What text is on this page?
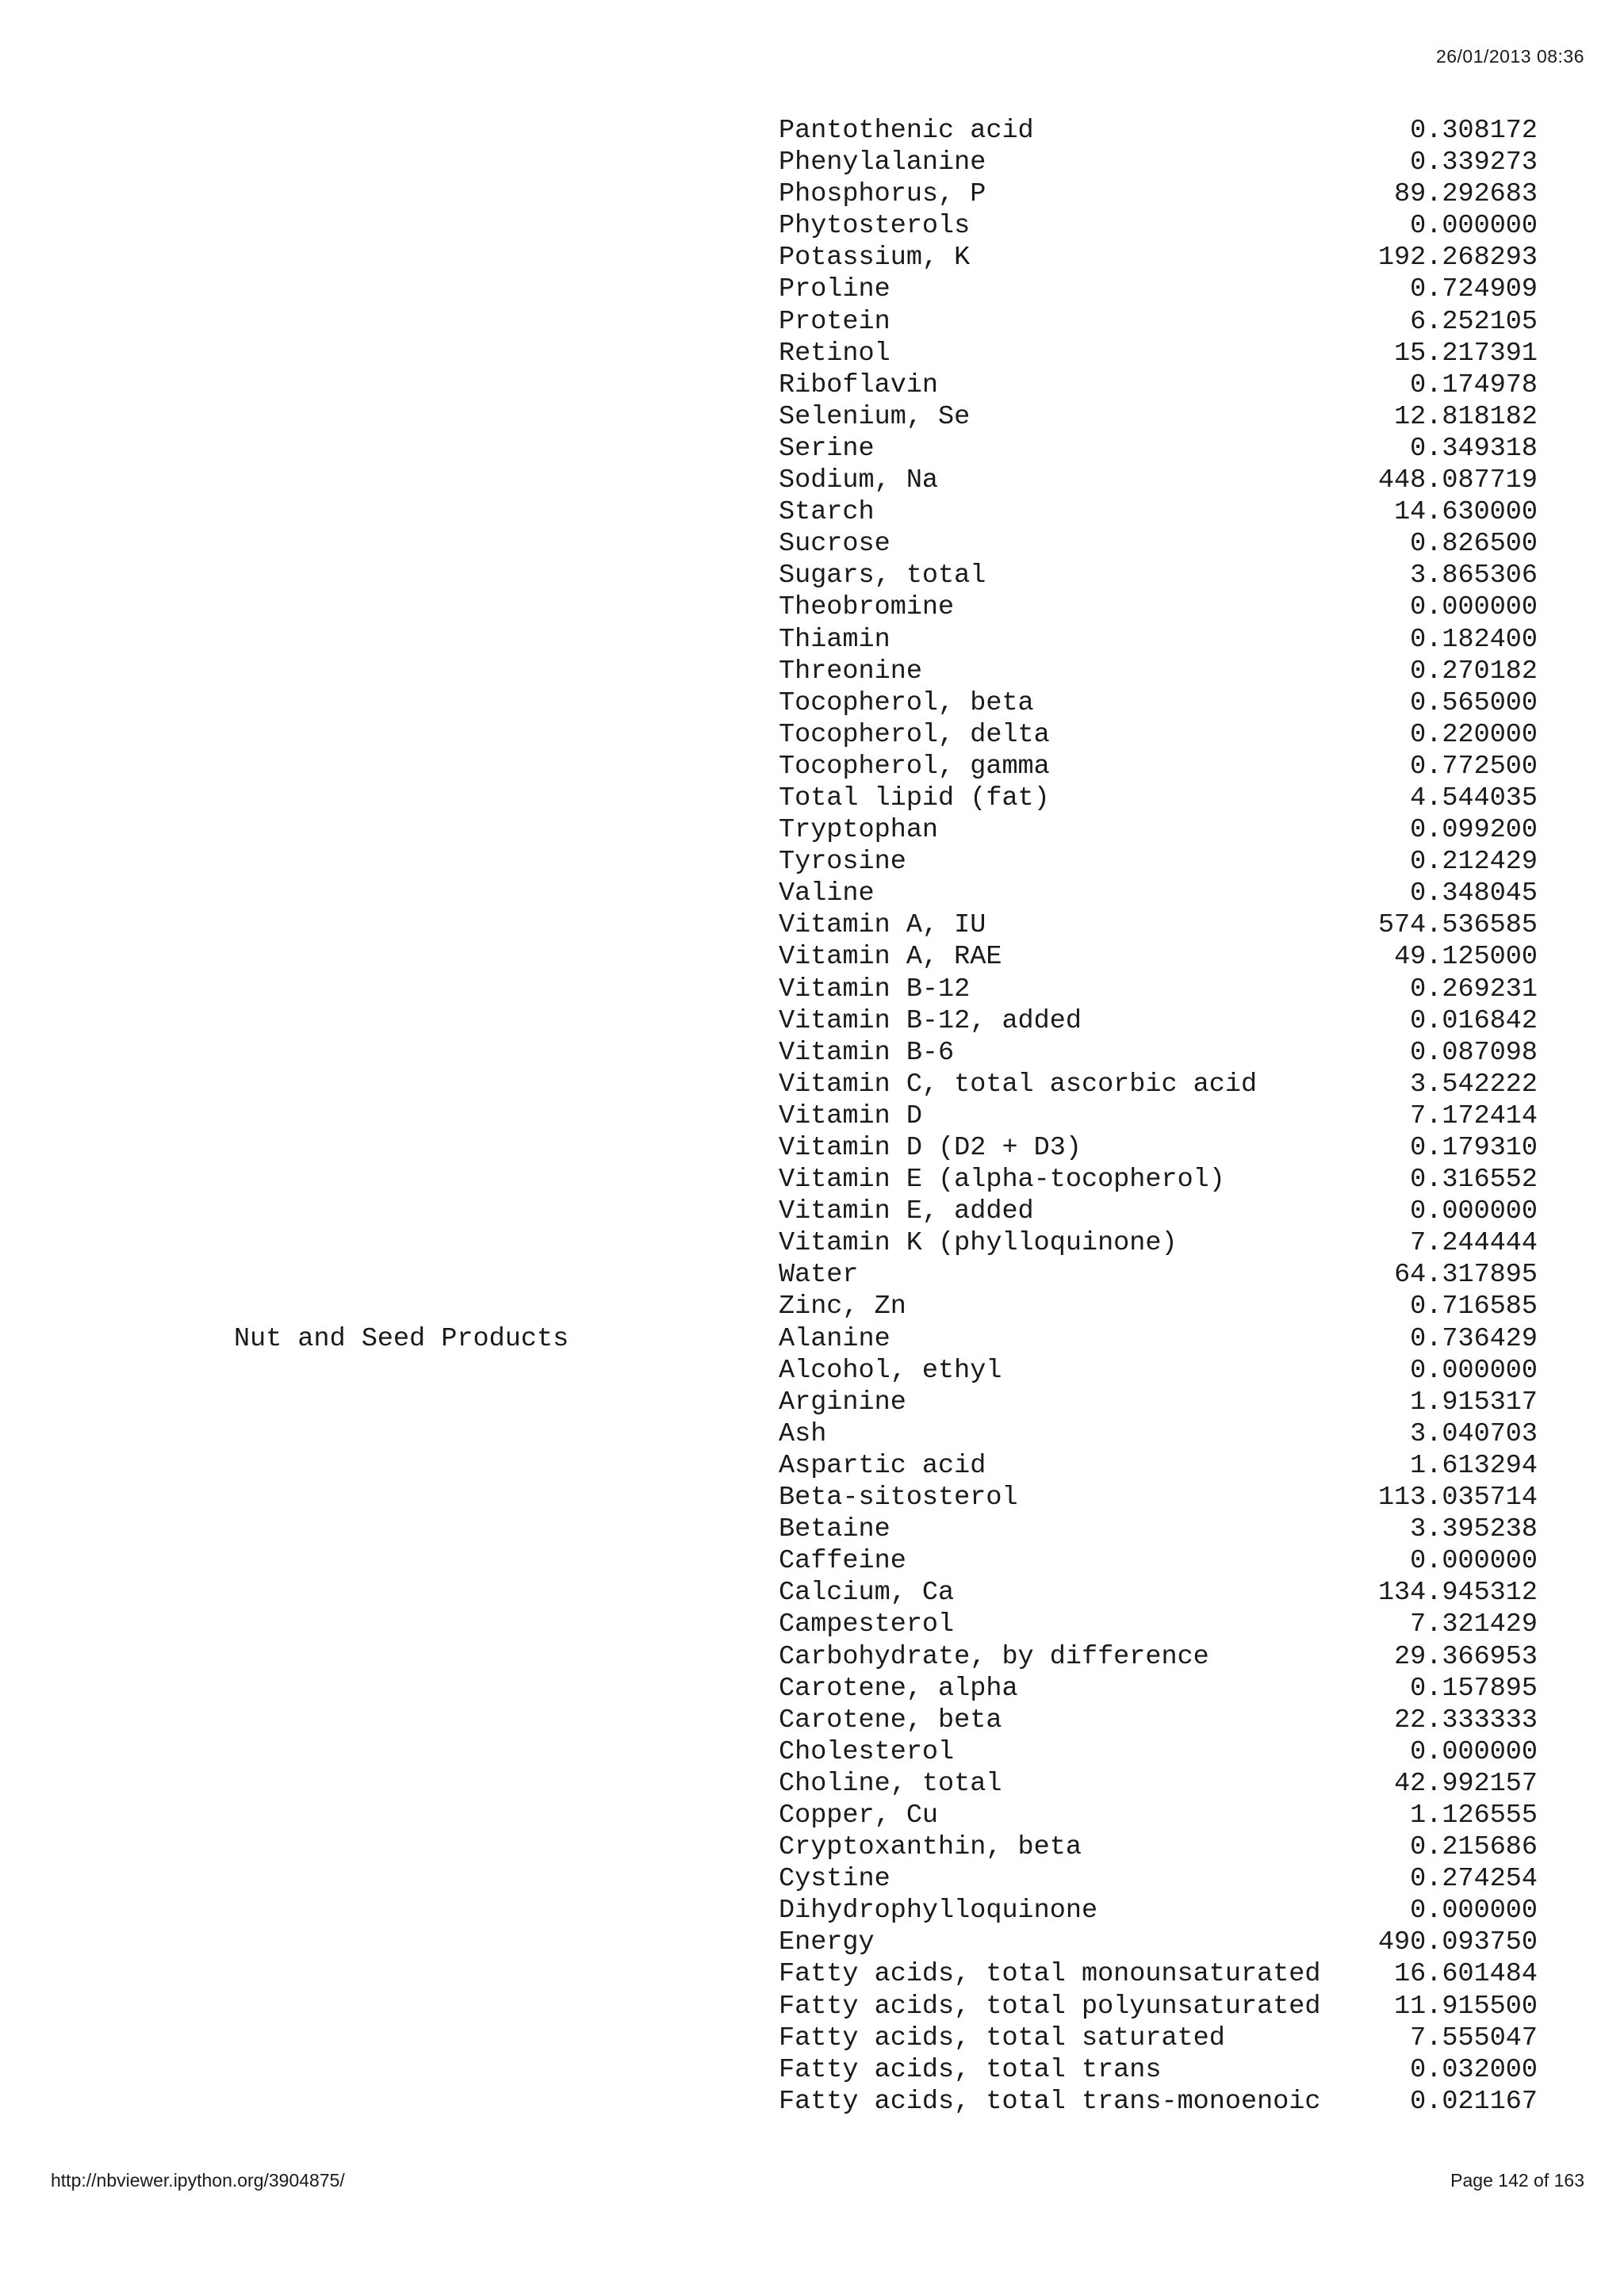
26/01/2013 08:36
Pantothenic acid	0.308172
Phenylalanine	0.339273
Phosphorus, P	89.292683
Phytosterols	0.000000
Potassium, K	192.268293
Proline	0.724909
Protein	6.252105
Retinol	15.217391
Riboflavin	0.174978
Selenium, Se	12.818182
Serine	0.349318
Sodium, Na	448.087719
Starch	14.630000
Sucrose	0.826500
Sugars, total	3.865306
Theobromine	0.000000
Thiamin	0.182400
Threonine	0.270182
Tocopherol, beta	0.565000
Tocopherol, delta	0.220000
Tocopherol, gamma	0.772500
Total lipid (fat)	4.544035
Tryptophan	0.099200
Tyrosine	0.212429
Valine	0.348045
Vitamin A, IU	574.536585
Vitamin A, RAE	49.125000
Vitamin B-12	0.269231
Vitamin B-12, added	0.016842
Vitamin B-6	0.087098
Vitamin C, total ascorbic acid	3.542222
Vitamin D	7.172414
Vitamin D (D2 + D3)	0.179310
Vitamin E (alpha-tocopherol)	0.316552
Vitamin E, added	0.000000
Vitamin K (phylloquinone)	7.244444
Water	64.317895
Zinc, Zn	0.716585
Nut and Seed Products	Alanine	0.736429
Alcohol, ethyl	0.000000
Arginine	1.915317
Ash	3.040703
Aspartic acid	1.613294
Beta-sitosterol	113.035714
Betaine	3.395238
Caffeine	0.000000
Calcium, Ca	134.945312
Campesterol	7.321429
Carbohydrate, by difference	29.366953
Carotene, alpha	0.157895
Carotene, beta	22.333333
Cholesterol	0.000000
Choline, total	42.992157
Copper, Cu	1.126555
Cryptoxanthin, beta	0.215686
Cystine	0.274254
Dihydrophylloquinone	0.000000
Energy	490.093750
Fatty acids, total monounsaturated	16.601484
Fatty acids, total polyunsaturated	11.915500
Fatty acids, total saturated	7.555047
Fatty acids, total trans	0.032000
Fatty acids, total trans-monoenoic	0.021167
http://nbviewer.ipython.org/3904875/	Page 142 of 163
